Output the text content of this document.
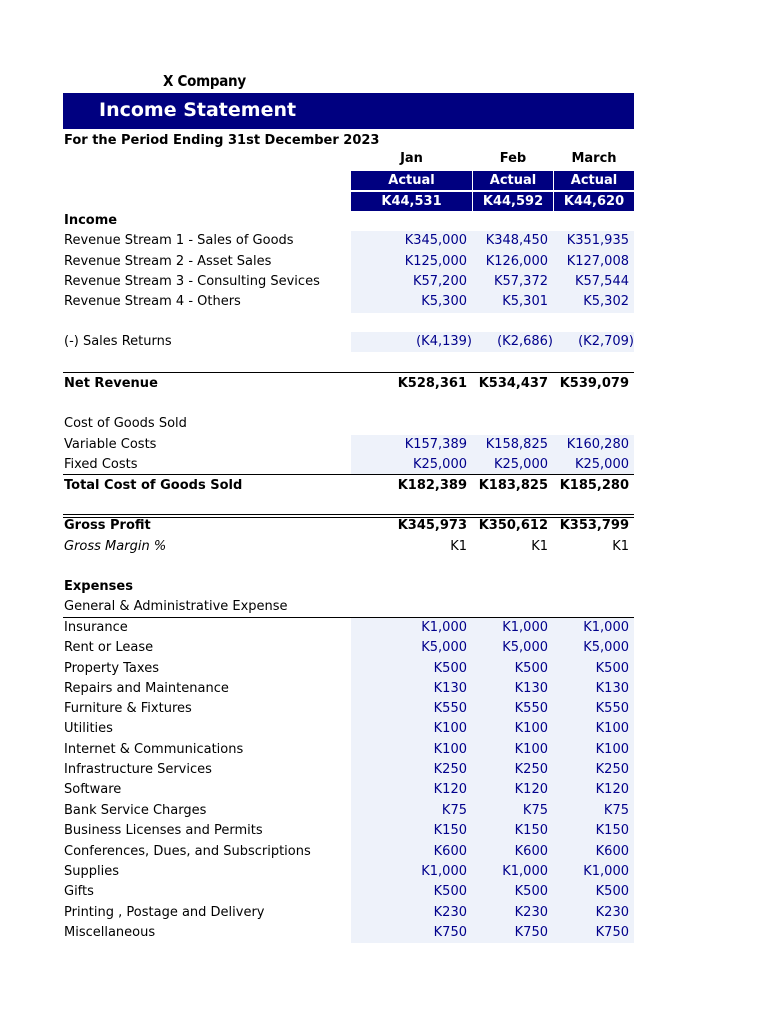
X Company
Income Statement
For the Period Ending 31st December 2023
Jan	Feb	March
Actual	Actual	Actual
K44,531	K44,592	K44,620
Income
Revenue Stream 1 - Sales of Goods	K345,000	K348,450	K351,935
Revenue Stream 2 - Asset Sales	K125,000	K126,000	K127,008
Revenue Stream 3 - Consulting Sevices	K57,200	K57,372	K57,544
Revenue Stream 4 - Others	K5,300	K5,301	K5,302
(-) Sales Returns	(K4,139)	(K2,686)	(K2,709)
Net Revenue	K528,361 K534,437 K539,079
Cost of Goods Sold
Variable Costs	K157,389	K158,825	K160,280
Fixed Costs	K25,000	K25,000	K25,000
Total Cost of Goods Sold	K182,389 K183,825 K185,280
Gross Profit	K345,973 K350,612 K353,799
Gross Margin %	K1	K1	K1
Expenses
General & Administrative Expense
Insurance	K1,000	K1,000	K1,000
Rent or Lease	K5,000	K5,000	K5,000
Property Taxes	K500	K500	K500
Repairs and Maintenance	K130	K130	K130
Furniture & Fixtures	K550	K550	K550
Utilities	K100	K100	K100
Internet & Communications	K100	K100	K100
Infrastructure Services	K250	K250	K250
Software	K120	K120	K120
Bank Service Charges	K75	K75	K75
Business Licenses and Permits	K150	K150	K150
Conferences, Dues, and Subscriptions	K600	K600	K600
Supplies	K1,000	K1,000	K1,000
Gifts	K500	K500	K500
Printing , Postage and Delivery	K230	K230	K230
Miscellaneous	K750	K750	K750
